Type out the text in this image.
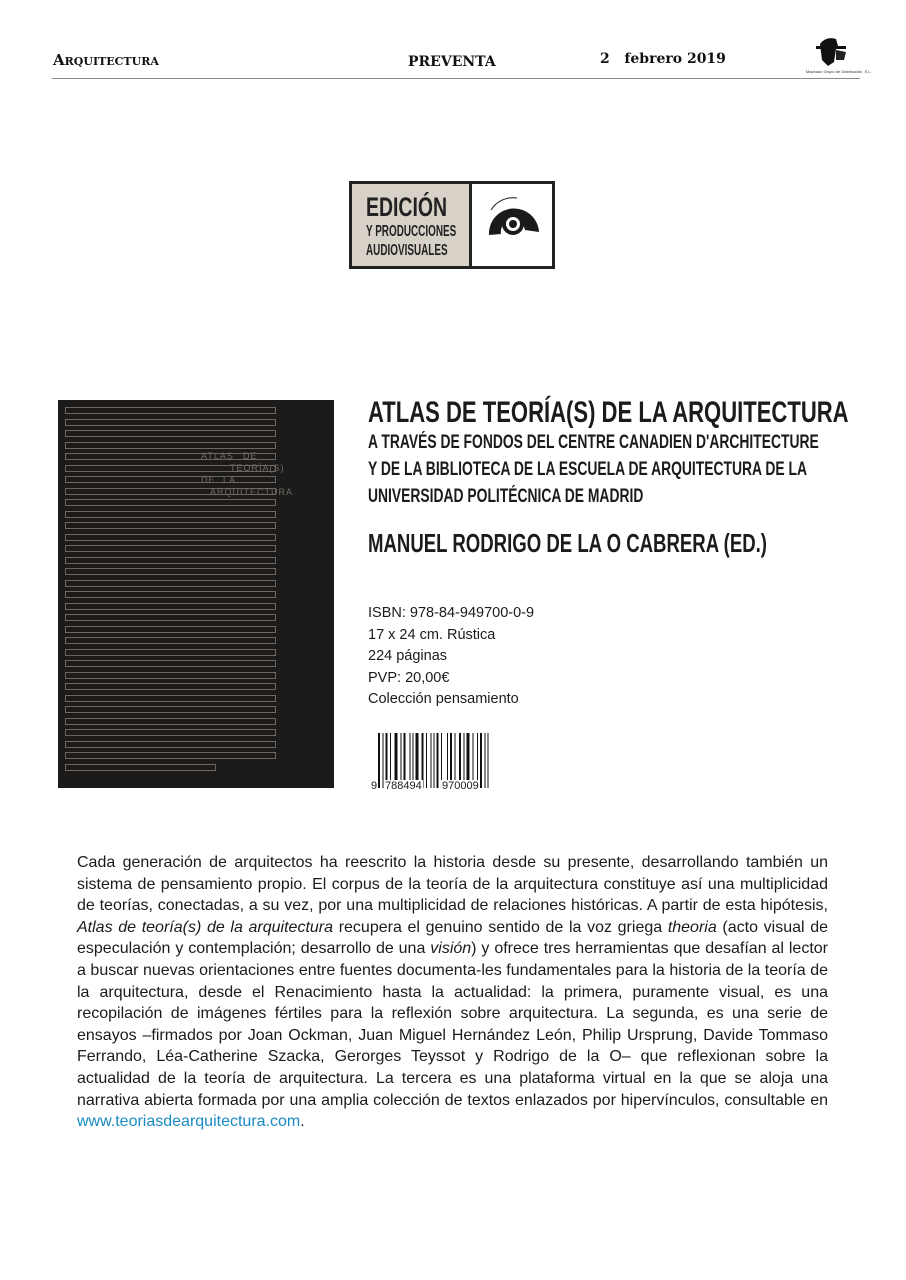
Arquitectura	PREVENTA	2   febrero 2019
Machado Grupo de Distribución, S.L.
EDICIÓN
Y PRODUCCIONES
AUDIOVISUALES
ATLAS DE
TEORÍA(S)
DE LA
ARQUITECTURA
ATLAS DE TEORÍA(S) DE LA ARQUITECTURA
A TRAVÉS DE FONDOS DEL CENTRE CANADIEN D'ARCHITECTURE
Y DE LA BIBLIOTECA DE LA ESCUELA DE ARQUITECTURA DE LA
UNIVERSIDAD POLITÉCNICA DE MADRID
MANUEL RODRIGO DE LA O CABRERA (ED.)
ISBN: 978-84-949700-0-9
17 x 24 cm. Rústica
224 páginas
PVP: 20,00€
Colección pensamiento
9 788494 970009
Cada generación de arquitectos ha reescrito la historia desde su presente, desarrollando también un sistema de pensamiento propio. El corpus de la teoría de la arquitectura constituye así una multiplicidad de teorías, conectadas, a su vez, por una multiplicidad de relaciones históricas. A partir de esta hipótesis, Atlas de teoría(s) de la arquitectura recupera el genuino sentido de la voz griega theoria (acto visual de especulación y contemplación; desarrollo de una visión) y ofrece tres herramientas que desafían al lector a buscar nuevas orientaciones entre fuentes documenta-les fundamentales para la historia de la teoría de la arquitectura, desde el Renacimiento hasta la actualidad: la primera, puramente visual, es una recopilación de imágenes fértiles para la reflexión sobre arquitectura. La segunda, es una serie de ensayos –firmados por Joan Ockman, Juan Miguel Hernández León, Philip Ursprung, Davide Tommaso Ferrando, Léa-Catherine Szacka, Gerorges Teyssot y Rodrigo de la O– que reflexionan sobre la actualidad de la teoría de arquitectura. La tercera es una plataforma virtual en la que se aloja una narrativa abierta formada por una amplia colección de textos enlazados por hipervínculos, consultable en www.teoriasdearquitectura.com.
